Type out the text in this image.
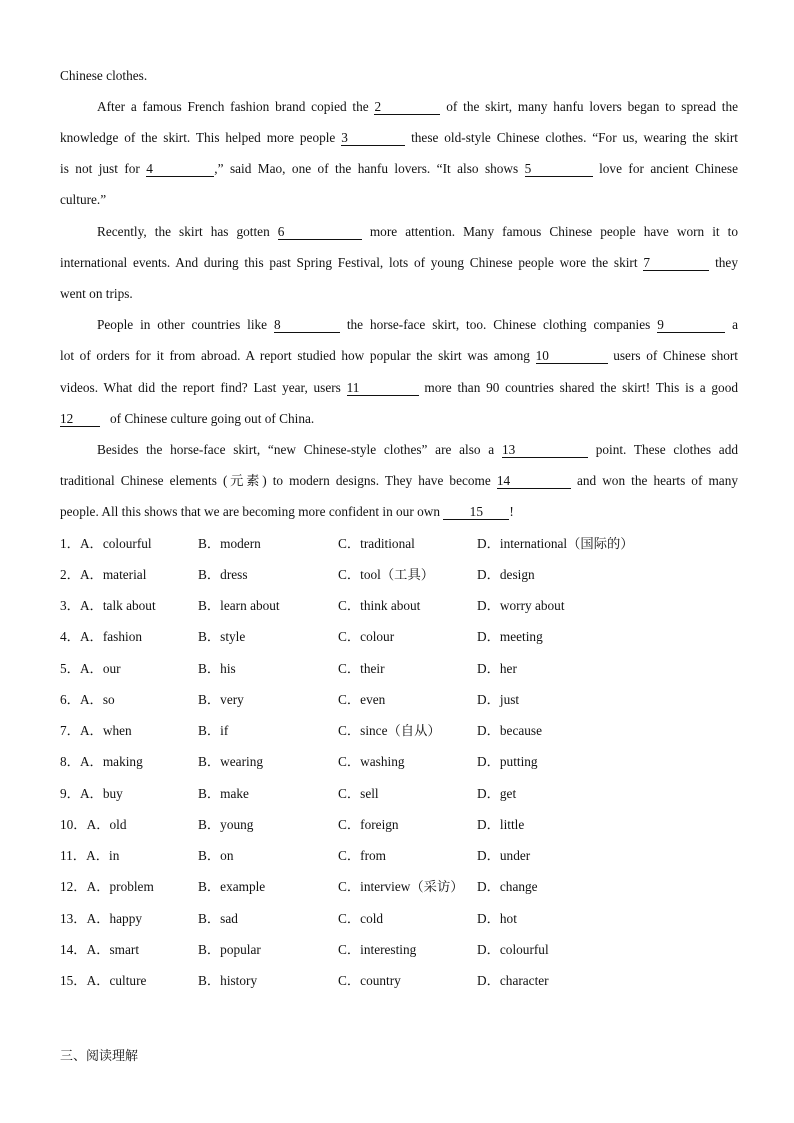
Chinese clothes.
After a famous French fashion brand copied the 2	of the skirt, many hanfu lovers began to spread the
knowledge of the skirt. This helped more people 3	these old-style Chinese clothes. “For us, wearing the skirt
is not just for 4	,” said Mao, one of the hanfu lovers. “It also shows 5	love for ancient Chinese
culture.”
Recently, the skirt has gotten 6	more attention. Many famous Chinese people have worn it to
international events. And during this past Spring Festival, lots of young Chinese people wore the skirt 7	they
went on trips.
People in other countries like 8	the horse-face skirt, too. Chinese clothing companies 9	a
lot of orders for it from abroad. A report studied how popular the skirt was among 10	users of Chinese short
videos. What did the report find? Last year, users 11	more than 90 countries shared the skirt! This is a good
12	of Chinese culture going out of China.
Besides the horse-face skirt, “new Chinese-style clothes” are also a 13	point. These clothes add
traditional Chinese elements (元素) to modern designs. They have become 14	and won the hearts of many
people. All this shows that we are becoming more confident in our own 15 !
1．A．colourful	B．modern	C．traditional	D．international（国际的）
2．A．material	B．dress	C．tool（工具）	D．design
3．A．talk about	B．learn about	C．think about	D．worry about
4．A．fashion	B．style	C．colour	D．meeting
5．A．our	B．his	C．their	D．her
6．A．so	B．very	C．even	D．just
7．A．when	B．if	C．since（自从）	D．because
8．A．making	B．wearing	C．washing	D．putting
9．A．buy	B．make	C．sell	D．get
10．A．old	B．young	C．foreign	D．little
11．A．in	B．on	C．from	D．under
12．A．problem	B．example	C．interview（采访） D．change
13．A．happy	B．sad	C．cold	D．hot
14．A．smart	B．popular	C．interesting	D．colourful
15．A．culture	B．history	C．country	D．character
三、阅读理解
